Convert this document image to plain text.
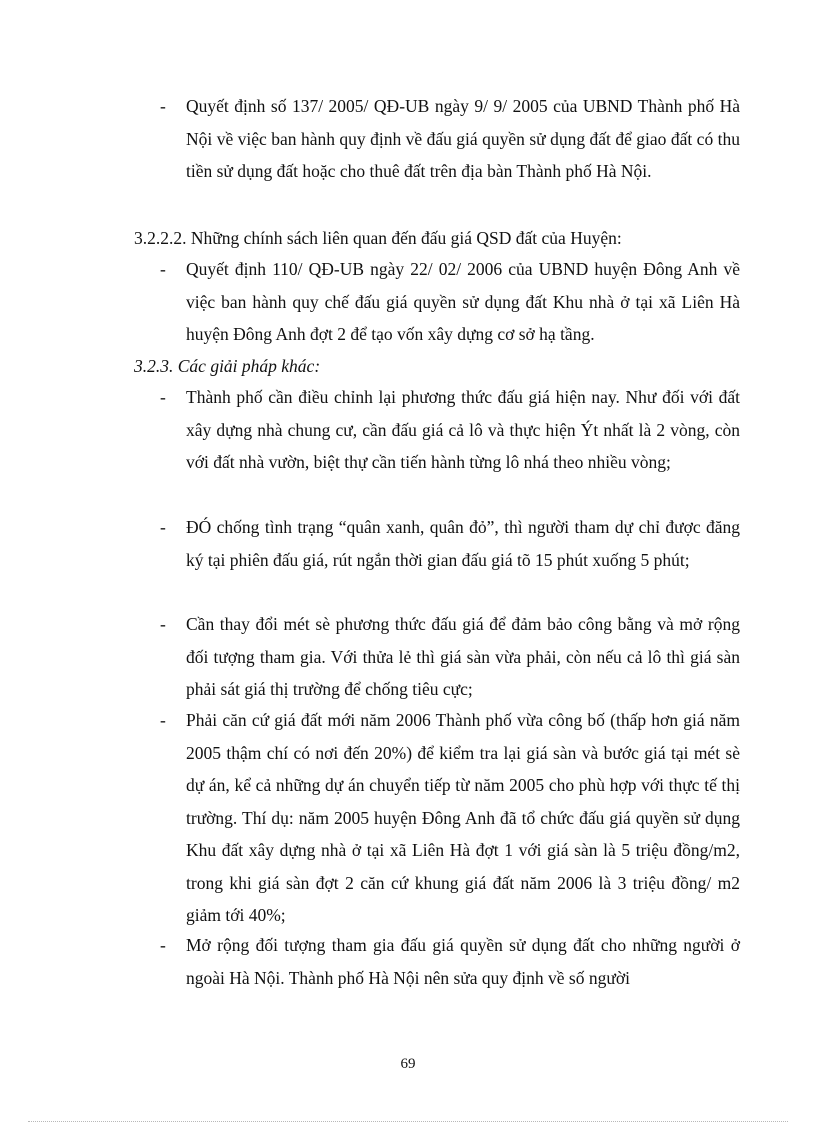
-	Quyết định số 137/ 2005/ QĐ-UB ngày 9/ 9/ 2005 của UBND Thành phố Hà Nội về việc ban hành quy định về đấu giá quyền sử dụng đất để giao đất có thu tiền sử dụng đất hoặc cho thuê đất trên địa bàn Thành phố Hà Nội.
3.2.2.2. Những chính sách liên quan đến đấu giá QSD đất của Huyện:
-	Quyết định 110/ QĐ-UB ngày 22/ 02/ 2006 của UBND huyện Đông Anh về việc ban hành quy chế đấu giá quyền sử dụng đất Khu nhà ở tại xã Liên Hà huyện Đông Anh đợt 2 để tạo vốn xây dựng cơ sở hạ tầng.
3.2.3. Các giải pháp khác:
-	Thành phố cần điều chỉnh lại phương thức đấu giá hiện nay. Như đối với đất xây dựng nhà chung cư, cần đấu giá cả lô và thực hiện Ýt nhất là 2 vòng, còn với đất nhà vườn, biệt thự cần tiến hành từng lô nhá theo nhiều vòng;
-	ĐÓ chống tình trạng “quân xanh, quân đỏ”, thì người tham dự chỉ được đăng ký tại phiên đấu giá, rút ngắn thời gian đấu giá tõ 15 phút xuống 5 phút;
-	Cần thay đổi mét sè phương thức đấu giá để đảm bảo công bằng và mở rộng đối tượng tham gia. Với thửa lẻ thì giá sàn vừa phải, còn nếu cả lô thì giá sàn phải sát giá thị trường để chống tiêu cực;
-	Phải căn cứ giá đất mới năm 2006 Thành phố vừa công bố (thấp hơn giá năm 2005 thậm chí có nơi đến 20%) để kiểm tra lại giá sàn và bước giá tại mét sè dự án, kể cả những dự án chuyển tiếp từ năm 2005 cho phù hợp với thực tế thị trường. Thí dụ: năm 2005 huyện Đông Anh đã tổ chức đấu giá quyền sử dụng Khu đất xây dựng nhà ở tại xã Liên Hà đợt 1 với giá sàn là 5 triệu đồng/m2, trong khi giá sàn đợt 2 căn cứ khung giá đất năm 2006 là 3 triệu đồng/ m2 giảm tới 40%;
-	Mở rộng đối tượng tham gia đấu giá quyền sử dụng đất cho những người ở ngoài Hà Nội. Thành phố Hà Nội nên sửa quy định về số người
69
